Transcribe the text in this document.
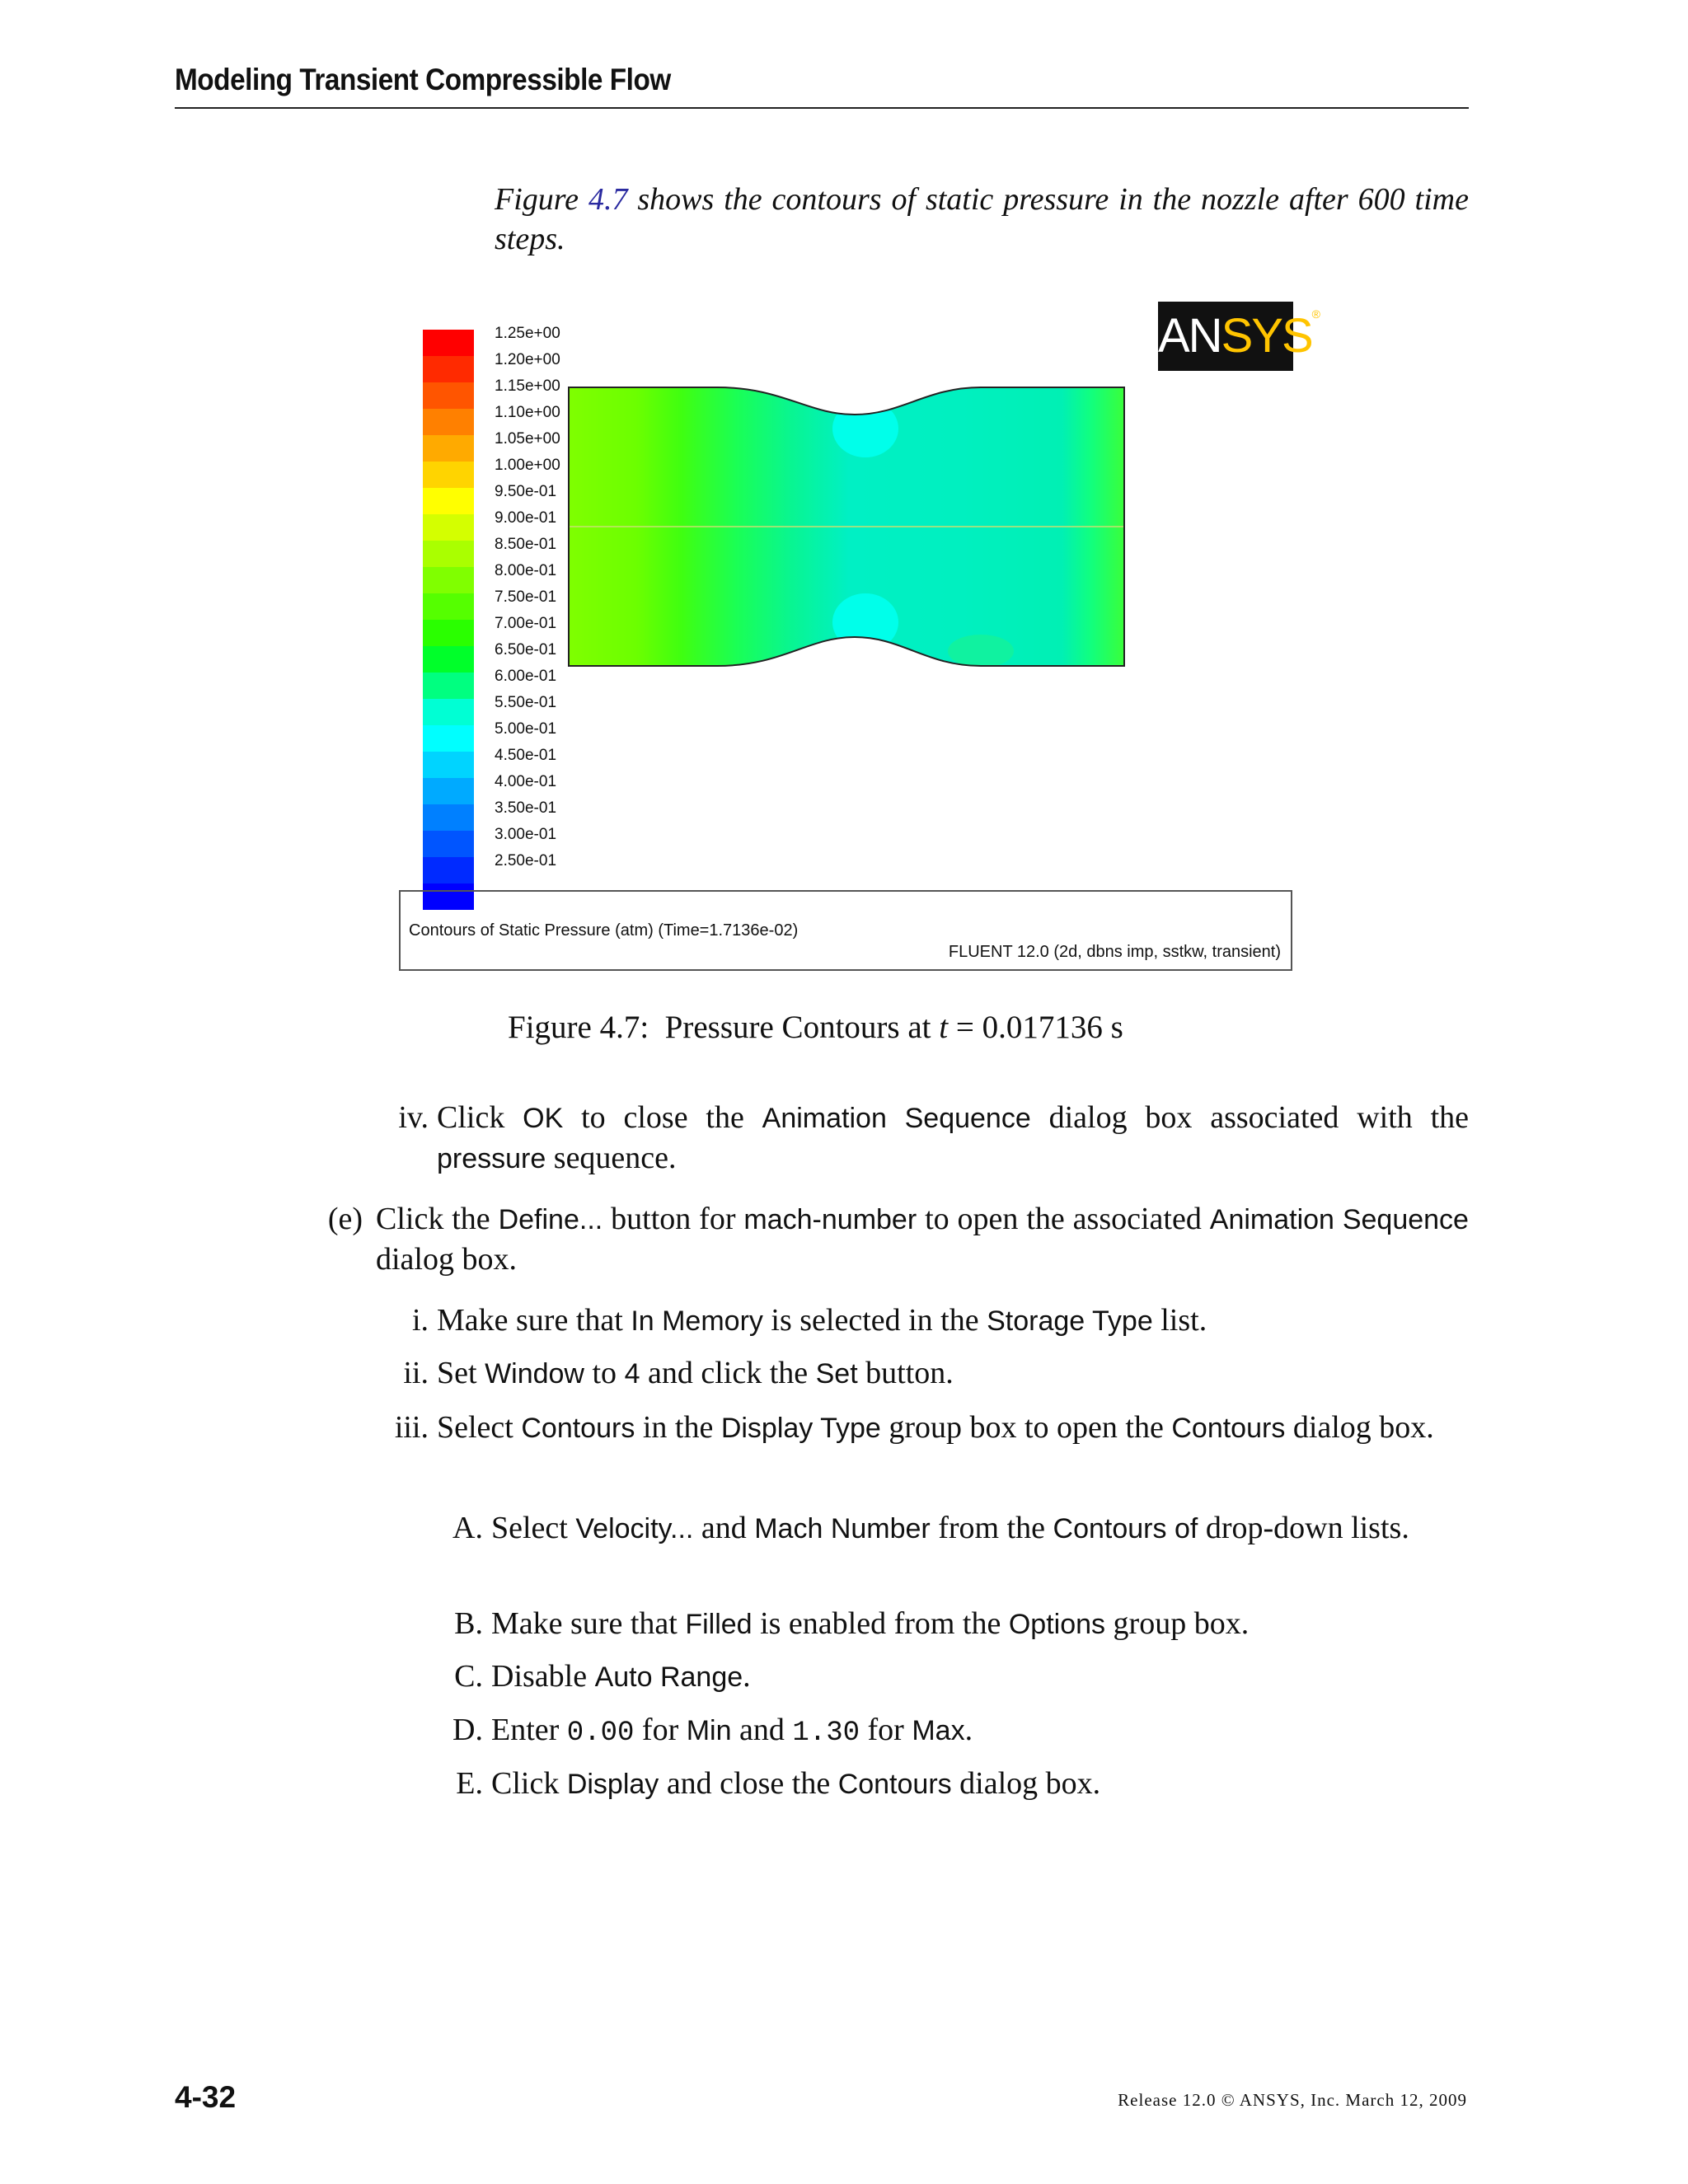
Modeling Transient Compressible Flow
Figure 4.7 shows the contours of static pressure in the nozzle after 600 time steps.
1.25e+00
1.20e+00
1.15e+00
1.10e+00
1.05e+00
1.00e+00
9.50e-01
9.00e-01
8.50e-01
8.00e-01
7.50e-01
7.00e-01
6.50e-01
6.00e-01
5.50e-01
5.00e-01
4.50e-01
4.00e-01
3.50e-01
3.00e-01
2.50e-01
ANSYS®
Contours of Static Pressure (atm) (Time=1.7136e-02)
FLUENT 12.0 (2d, dbns imp, sstkw, transient)
Figure 4.7: Pressure Contours at t = 0.017136 s
iv. Click OK to close the Animation Sequence dialog box associated with the pressure sequence.
(e) Click the Define... button for mach-number to open the associated Animation Sequence dialog box.
i. Make sure that In Memory is selected in the Storage Type list.
ii. Set Window to 4 and click the Set button.
iii. Select Contours in the Display Type group box to open the Contours dialog box.
A. Select Velocity... and Mach Number from the Contours of drop-down lists.
B. Make sure that Filled is enabled from the Options group box.
C. Disable Auto Range.
D. Enter 0.00 for Min and 1.30 for Max.
E. Click Display and close the Contours dialog box.
4-32	Release 12.0 © ANSYS, Inc. March 12, 2009
